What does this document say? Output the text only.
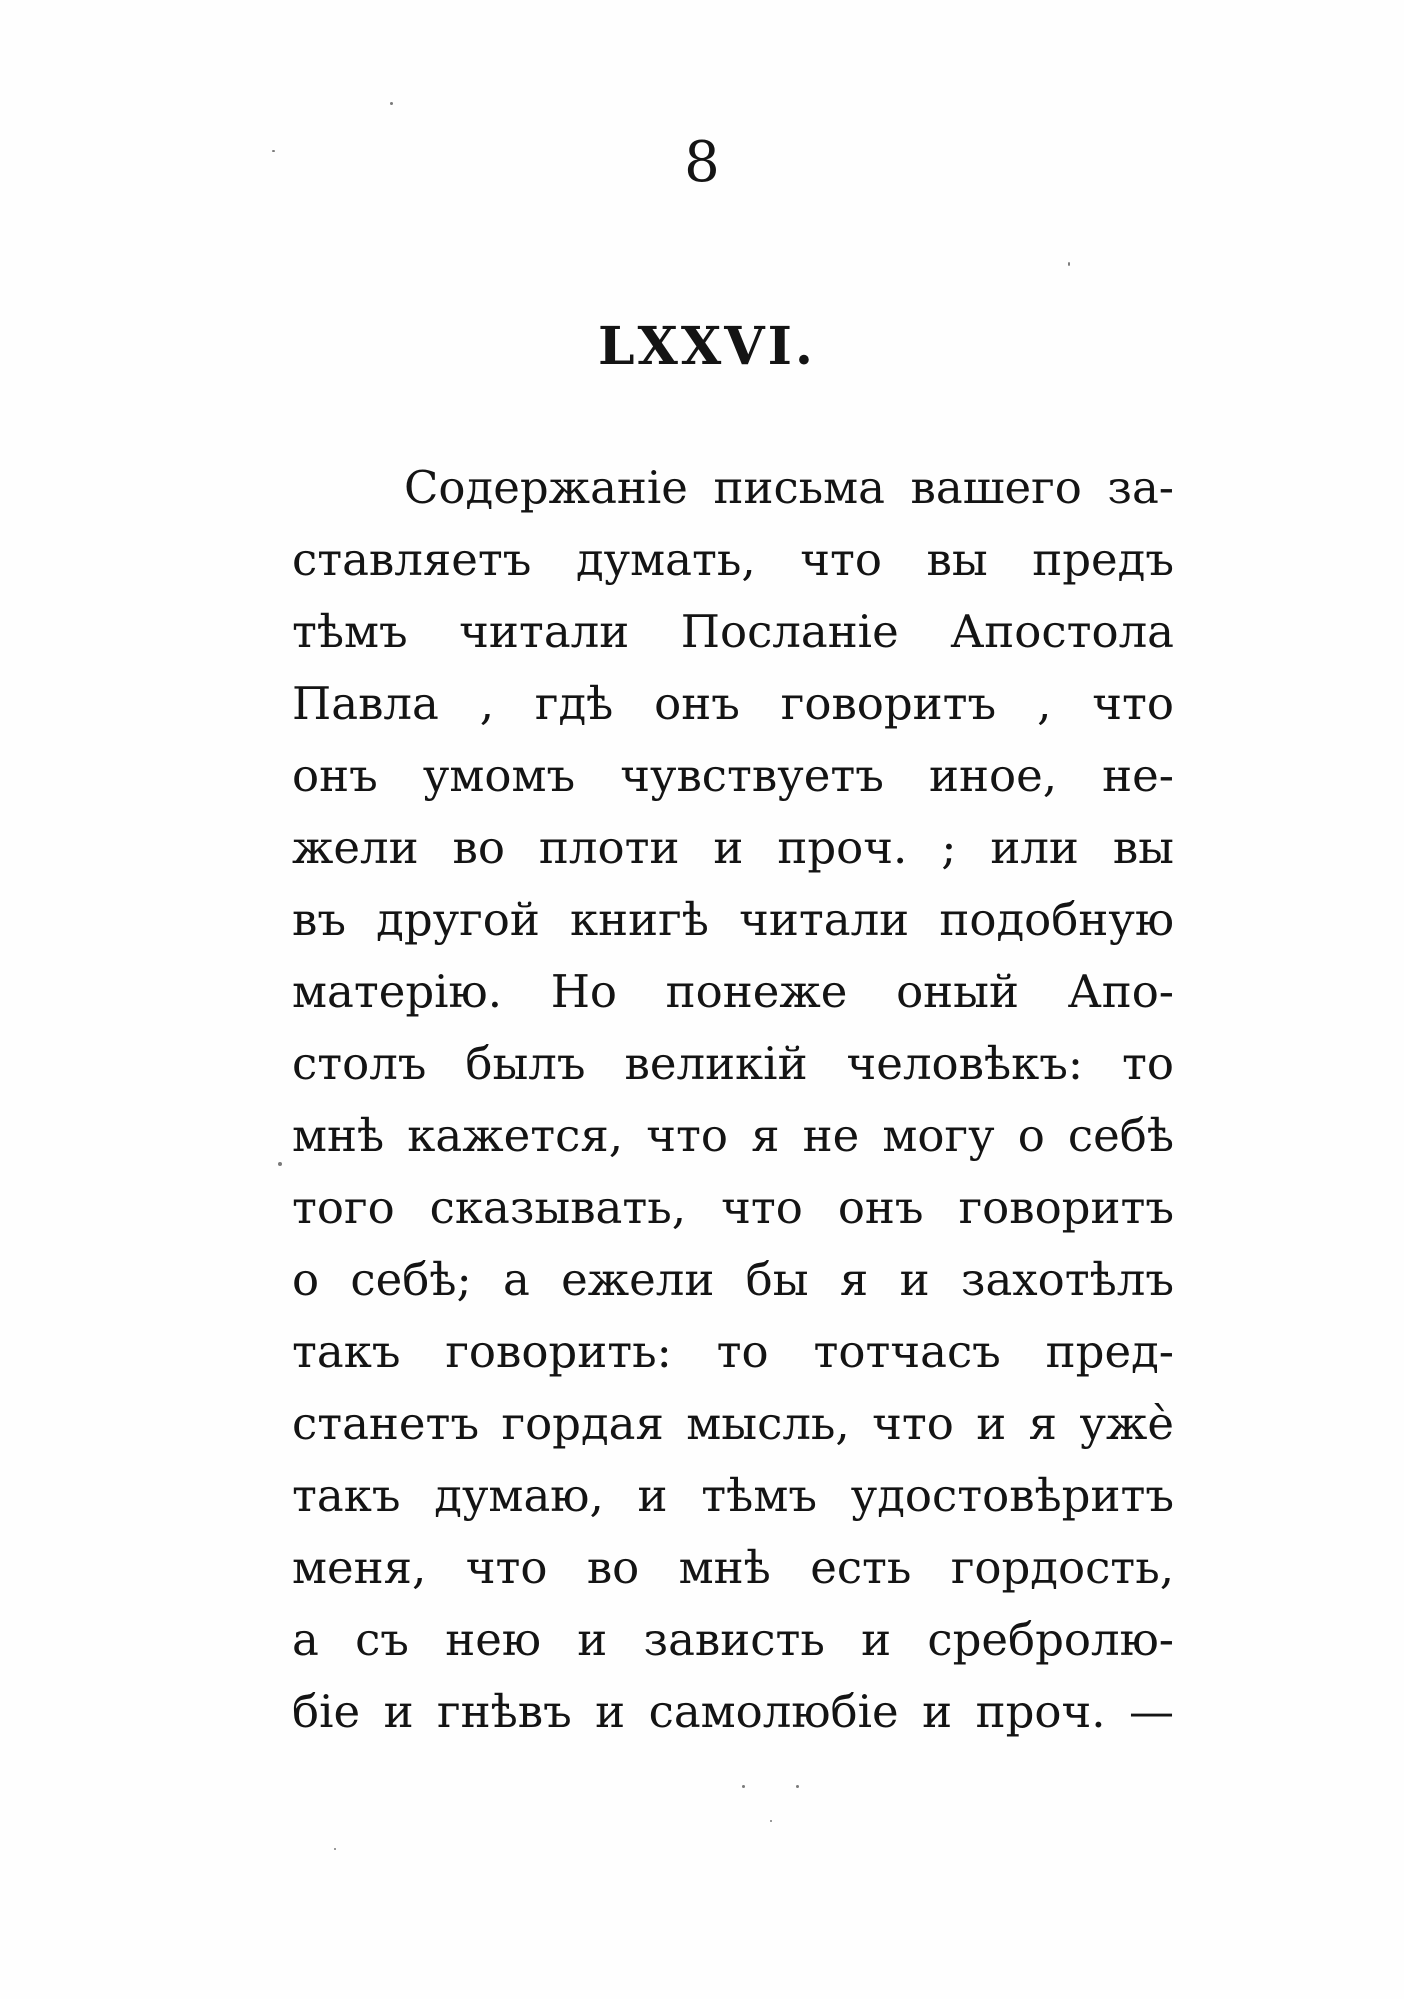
8
LXXVI.
Содержаніе письма вашего за-
ставляетъ думать, что вы предъ
тѣмъ читали Посланіе Апостола
Павла , гдѣ онъ говоритъ , что
онъ умомъ чувствуетъ иное, не-
жели во плоти и проч. ; или вы
въ другой книгѣ читали подобную
матерію. Но понеже оный Апо-
столъ былъ великій человѣкъ: то
мнѣ кажется, что я не могу о себѣ
того сказывать, что онъ говоритъ
о себѣ; а ежели бы я и захотѣлъ
такъ говорить: то тотчасъ пред-
станетъ гордая мысль, что и я ужѐ
такъ думаю, и тѣмъ удостовѣритъ
меня, что во мнѣ есть гордость,
а съ нею и зависть и сребролю-
біе и гнѣвъ и самолюбіе и проч. —
